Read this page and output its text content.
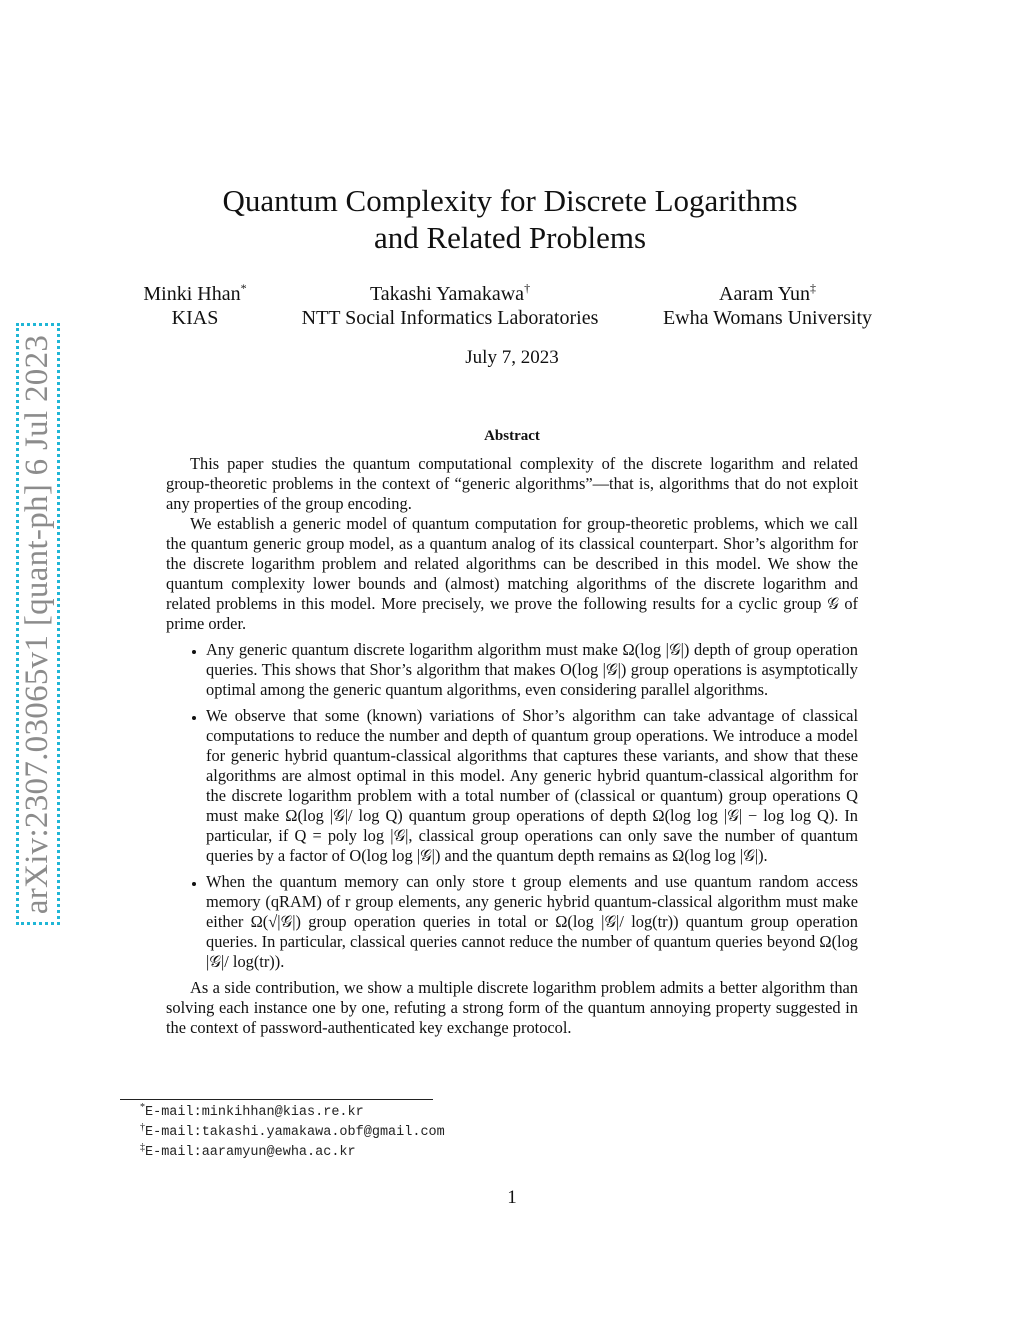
arXiv:2307.03065v1 [quant-ph] 6 Jul 2023
Quantum Complexity for Discrete Logarithms
and Related Problems
Minki Hhan*
KIAS
Takashi Yamakawa†
NTT Social Informatics Laboratories
Aaram Yun‡
Ewha Womans University
July 7, 2023
Abstract

This paper studies the quantum computational complexity of the discrete logarithm and related group-theoretic problems in the context of “generic algorithms”—that is, algorithms that do not exploit any properties of the group encoding.

We establish a generic model of quantum computation for group-theoretic problems, which we call the quantum generic group model, as a quantum analog of its classical counterpart. Shor’s algorithm for the discrete logarithm problem and related algorithms can be described in this model. We show the quantum complexity lower bounds and (almost) matching algorithms of the discrete logarithm and related problems in this model. More precisely, we prove the following results for a cyclic group 𝒢 of prime order.

• Any generic quantum discrete logarithm algorithm must make Ω(log |𝒢|) depth of group operation queries. This shows that Shor’s algorithm that makes O(log |𝒢|) group operations is asymptotically optimal among the generic quantum algorithms, even considering parallel algorithms.
• We observe that some (known) variations of Shor’s algorithm can take advantage of classical computations to reduce the number and depth of quantum group operations. We introduce a model for generic hybrid quantum-classical algorithms that captures these variants, and show that these algorithms are almost optimal in this model. Any generic hybrid quantum-classical algorithm for the discrete logarithm problem with a total number of (classical or quantum) group operations Q must make Ω(log |𝒢|/ log Q) quantum group operations of depth Ω(log log |𝒢| − log log Q). In particular, if Q = poly log |𝒢|, classical group operations can only save the number of quantum queries by a factor of O(log log |𝒢|) and the quantum depth remains as Ω(log log |𝒢|).
• When the quantum memory can only store t group elements and use quantum random access memory (qRAM) of r group elements, any generic hybrid quantum-classical algorithm must make either Ω(√|𝒢|) group operation queries in total or Ω(log |𝒢|/ log(tr)) quantum group operation queries. In particular, classical queries cannot reduce the number of quantum queries beyond Ω(log |𝒢|/ log(tr)).

As a side contribution, we show a multiple discrete logarithm problem admits a better algorithm than solving each instance one by one, refuting a strong form of the quantum annoying property suggested in the context of password-authenticated key exchange protocol.

*E-mail:minkihhan@kias.re.kr
†E-mail:takashi.yamakawa.obf@gmail.com
‡E-mail:aaramyun@ewha.ac.kr
1
